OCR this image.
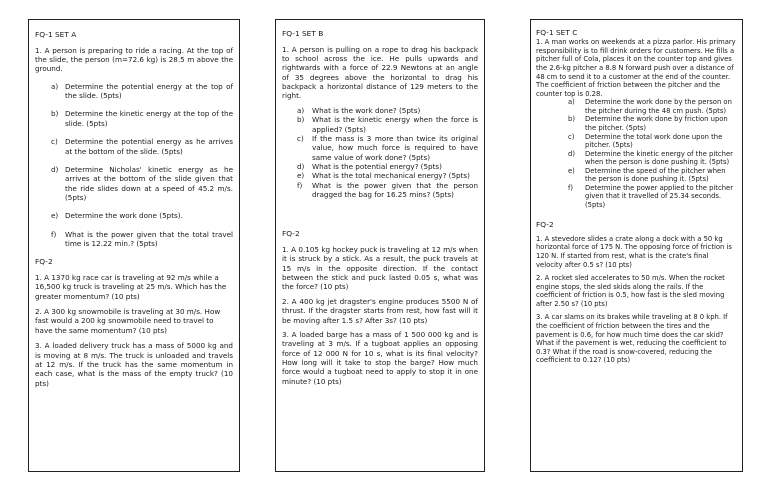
FQ-1 SET A

1. A person is preparing to ride a racing. At the top of the slide, the person (m=72.6 kg) is 28.5 m above the ground.

a) Determine the potential energy at the top of the slide. (5pts)
b) Determine the kinetic energy at the top of the slide. (5pts)
c) Determine the potential energy as he arrives at the bottom of the slide. (5pts)
d) Determine Nicholas' kinetic energy as he arrives at the bottom of the slide given that the ride slides down at a speed of 45.2 m/s. (5pts)
e) Determine the work done (5pts).
f) What is the power given that the total travel time is 12.22 min.? (5pts)

FQ-2

1. A 1370 kg race car is traveling at 92 m/s while a 16,500 kg truck is traveling at 25 m/s. Which has the greater momentum? (10 pts)

2. A 300 kg snowmobile is traveling at 30 m/s. How fast would a 200 kg snowmobile need to travel to have the same momentum? (10 pts)

3. A loaded delivery truck has a mass of 5000 kg and is moving at 8 m/s. The truck is unloaded and travels at 12 m/s. If the truck has the same momentum in each case, what is the mass of the empty truck? (10 pts)

FQ-1 SET B

1. A person is pulling on a rope to drag his backpack to school across the ice. He pulls upwards and rightwards with a force of 22.9 Newtons at an angle of 35 degrees above the horizontal to drag his backpack a horizontal distance of 129 meters to the right.

a) What is the work done? (5pts)
b) What is the kinetic energy when the force is applied? (5pts)
c) If the mass is 3 more than twice its original value, how much force is required to have same value of work done? (5pts)
d) What is the potential energy? (5pts)
e) What is the total mechanical energy? (5pts)
f) What is the power given that the person dragged the bag for 16.25 mins? (5pts)

FQ-2

1. A 0.105 kg hockey puck is traveling at 12 m/s when it is struck by a stick. As a result, the puck travels at 15 m/s in the opposite direction. If the contact between the stick and puck lasted 0.05 s, what was the force? (10 pts)

2. A 400 kg jet dragster's engine produces 5500 N of thrust. If the dragster starts from rest, how fast will it be moving after 1.5 s? After 3s? (10 pts)

3. A loaded barge has a mass of 1 500 000 kg and is traveling at 3 m/s. If a tugboat applies an opposing force of 12 000 N for 10 s, what is its final velocity? How long will it take to stop the barge? How much force would a tugboat need to apply to stop it in one minute? (10 pts)

FQ-1 SET C

1. A man works on weekends at a pizza parlor. His primary responsibility is to fill drink orders for customers. He fills a pitcher full of Cola, places it on the counter top and gives the 2.6-kg pitcher a 8.8 N forward push over a distance of 48 cm to send it to a customer at the end of the counter. The coefficient of friction between the pitcher and the counter top is 0.28.

a) Determine the work done by the person on the pitcher during the 48 cm push. (5pts)
b) Determine the work done by friction upon the pitcher. (5pts)
c) Determine the total work done upon the pitcher. (5pts)
d) Determine the kinetic energy of the pitcher when the person is done pushing it. (5pts)
e) Determine the speed of the pitcher when the person is done pushing it. (5pts)
f) Determine the power applied to the pitcher given that it travelled of 25.34 seconds. (5pts)

FQ-2

1. A stevedore slides a crate along a dock with a 50 kg horizontal force of 175 N. The opposing force of friction is 120 N. If started from rest, what is the crate's final velocity after 0.5 s? (10 pts)

2. A rocket sled accelerates to 50 m/s. When the rocket engine stops, the sled skids along the rails. If the coefficient of friction is 0.5, how fast is the sled moving after 2.50 s? (10 pts)

3. A car slams on its brakes while traveling at 8 0 kph. If the coefficient of friction between the tires and the pavement is 0.6, for how much time does the car skid? What if the pavement is wet, reducing the coefficient to 0.3? What if the road is snow-covered, reducing the coefficient to 0.12? (10 pts)
